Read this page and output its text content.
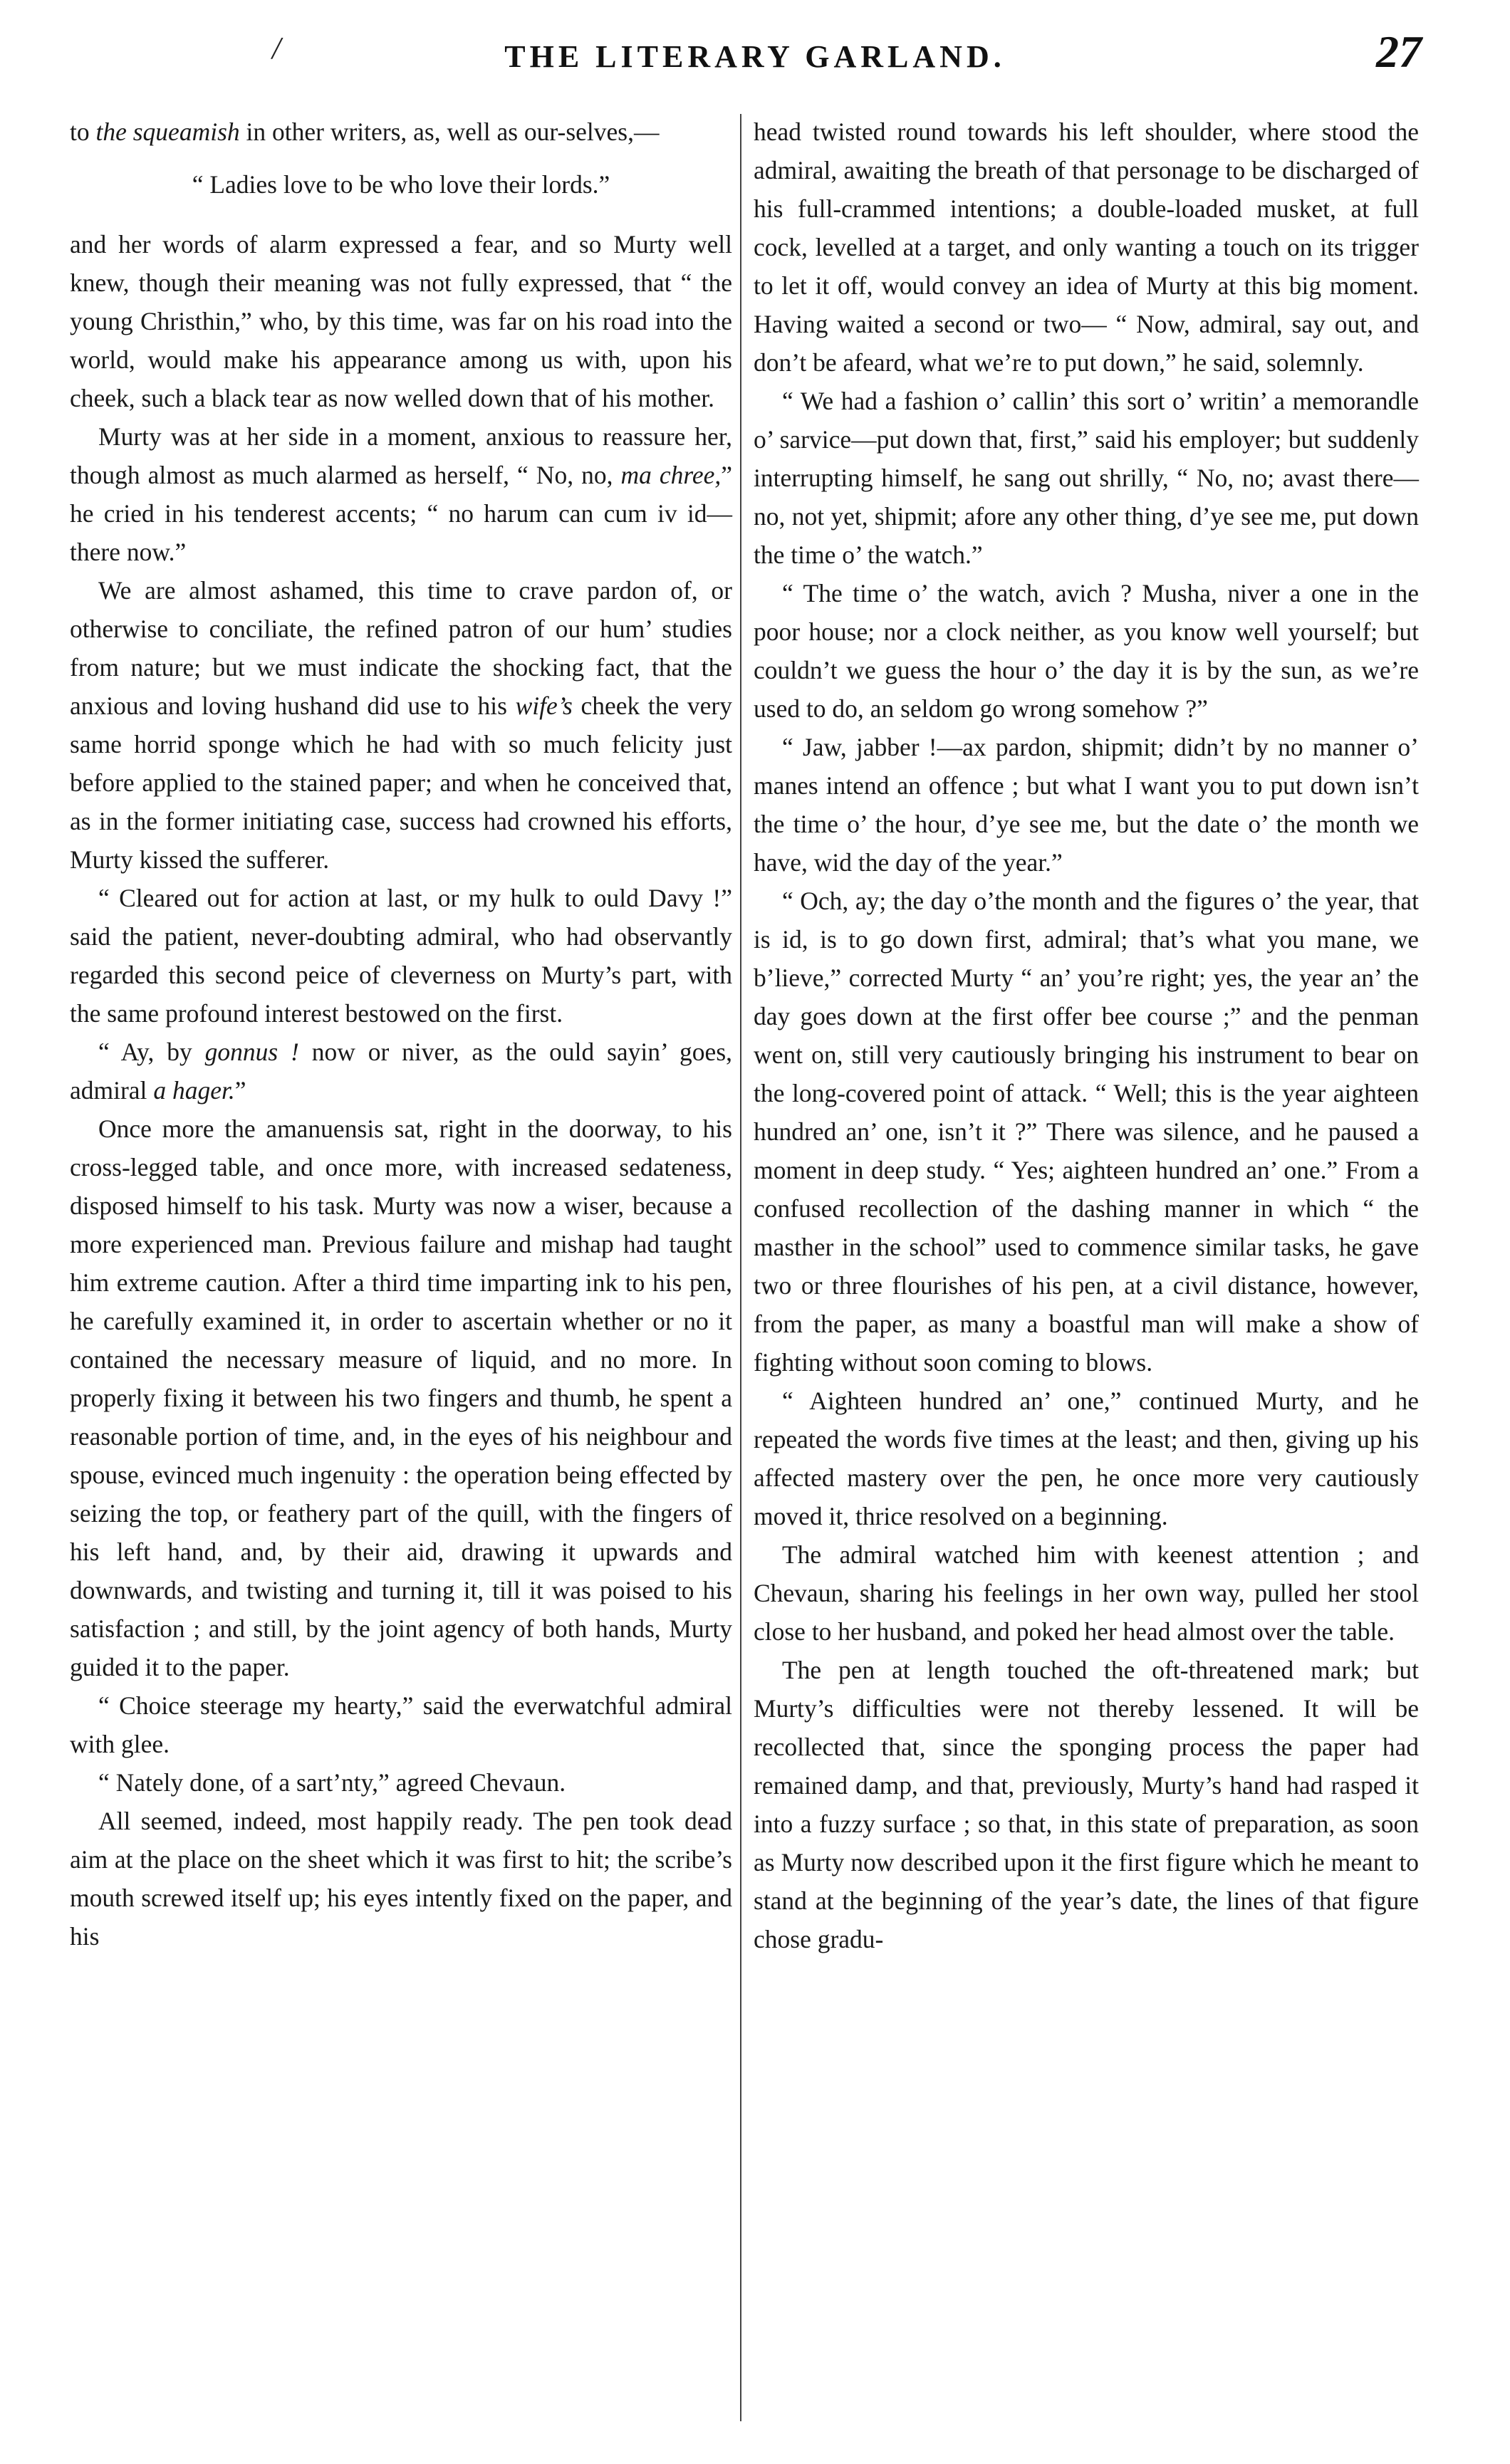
/	THE LITERARY GARLAND.	27

to the squeamish in other writers, as, well as our-selves,—

“ Ladies love to be who love their lords.”

and her words of alarm expressed a fear, and so Murty well knew, though their meaning was not fully expressed, that “ the young Christhin,” who, by this time, was far on his road into the world, would make his appearance among us with, upon his cheek, such a black tear as now welled down that of his mother.

Murty was at her side in a moment, anxious to reassure her, though almost as much alarmed as herself, “ No, no, ma chree,” he cried in his tenderest accents; “ no harum can cum iv id— there now.”

We are almost ashamed, this time to crave pardon of, or otherwise to conciliate, the refined patron of our hum’ studies from nature; but we must indicate the shocking fact, that the anxious and loving hushand did use to his wife’s cheek the very same horrid sponge which he had with so much felicity just before applied to the stained paper; and when he conceived that, as in the former initiating case, success had crowned his efforts, Murty kissed the sufferer.

“ Cleared out for action at last, or my hulk to ould Davy !” said the patient, never-doubting admiral, who had observantly regarded this second peice of cleverness on Murty’s part, with the same profound interest bestowed on the first.

“ Ay, by gonnus ! now or niver, as the ould sayin’ goes, admiral a hager.”

Once more the amanuensis sat, right in the doorway, to his cross-legged table, and once more, with increased sedateness, disposed himself to his task. Murty was now a wiser, because a more experienced man. Previous failure and mishap had taught him extreme caution. After a third time imparting ink to his pen, he carefully examined it, in order to ascertain whether or no it contained the necessary measure of liquid, and no more. In properly fixing it between his two fingers and thumb, he spent a reasonable portion of time, and, in the eyes of his neighbour and spouse, evinced much ingenuity : the operation being effected by seizing the top, or feathery part of the quill, with the fingers of his left hand, and, by their aid, drawing it upwards and downwards, and twisting and turning it, till it was poised to his satisfaction ; and still, by the joint agency of both hands, Murty guided it to the paper.

“ Choice steerage my hearty,” said the everwatchful admiral with glee.

“ Nately done, of a sart’nty,” agreed Chevaun.

All seemed, indeed, most happily ready. The pen took dead aim at the place on the sheet which it was first to hit; the scribe’s mouth screwed itself up; his eyes intently fixed on the paper, and his

head twisted round towards his left shoulder, where stood the admiral, awaiting the breath of that personage to be discharged of his full-crammed intentions; a double-loaded musket, at full cock, levelled at a target, and only wanting a touch on its trigger to let it off, would convey an idea of Murty at this big moment. Having waited a second or two— “ Now, admiral, say out, and don’t be afeard, what we’re to put down,” he said, solemnly.

“ We had a fashion o’ callin’ this sort o’ writin’ a memorandle o’ sarvice—put down that, first,” said his employer; but suddenly interrupting himself, he sang out shrilly, “ No, no; avast there—no, not yet, shipmit; afore any other thing, d’ye see me, put down the time o’ the watch.”

“ The time o’ the watch, avich ? Musha, niver a one in the poor house; nor a clock neither, as you know well yourself; but couldn’t we guess the hour o’ the day it is by the sun, as we’re used to do, an seldom go wrong somehow ?”

“ Jaw, jabber !—ax pardon, shipmit; didn’t by no manner o’ manes intend an offence ; but what I want you to put down isn’t the time o’ the hour, d’ye see me, but the date o’ the month we have, wid the day of the year.”

“ Och, ay; the day o’the month and the figures o’ the year, that is id, is to go down first, admiral; that’s what you mane, we b’lieve,” corrected Murty “ an’ you’re right; yes, the year an’ the day goes down at the first offer bee course ;” and the penman went on, still very cautiously bringing his instrument to bear on the long-covered point of attack. “ Well; this is the year aighteen hundred an’ one, isn’t it ?” There was silence, and he paused a moment in deep study. “ Yes; aighteen hundred an’ one.” From a confused recollection of the dashing manner in which “ the masther in the school” used to commence similar tasks, he gave two or three flourishes of his pen, at a civil distance, however, from the paper, as many a boastful man will make a show of fighting without soon coming to blows.

“ Aighteen hundred an’ one,” continued Murty, and he repeated the words five times at the least; and then, giving up his affected mastery over the pen, he once more very cautiously moved it, thrice resolved on a beginning.

The admiral watched him with keenest attention ; and Chevaun, sharing his feelings in her own way, pulled her stool close to her husband, and poked her head almost over the table.

The pen at length touched the oft-threatened mark; but Murty’s difficulties were not thereby lessened. It will be recollected that, since the sponging process the paper had remained damp, and that, previously, Murty’s hand had rasped it into a fuzzy surface ; so that, in this state of preparation, as soon as Murty now described upon it the first figure which he meant to stand at the beginning of the year’s date, the lines of that figure chose gradu-
